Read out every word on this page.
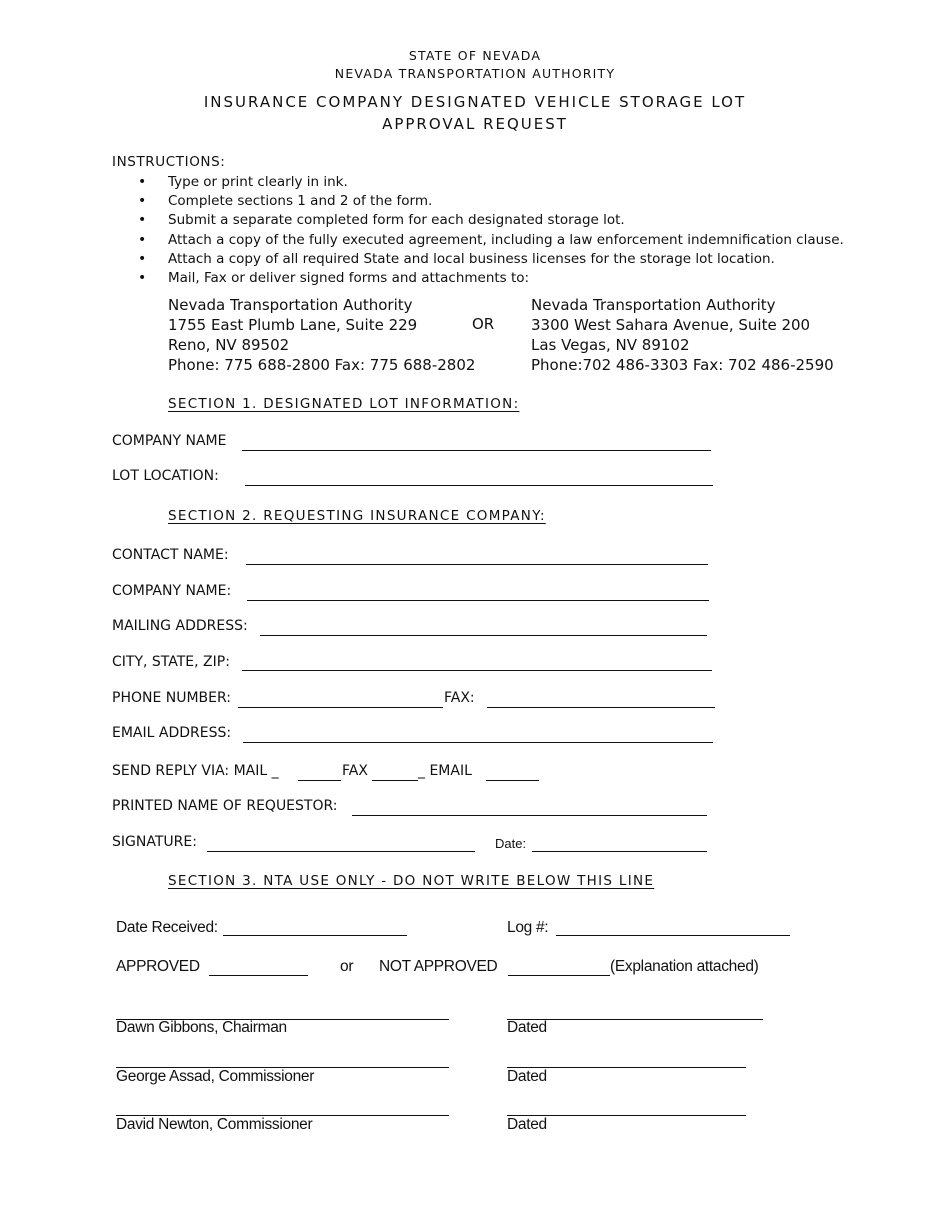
STATE OF NEVADA
NEVADA TRANSPORTATION AUTHORITY
INSURANCE COMPANY DESIGNATED VEHICLE STORAGE LOT
APPROVAL REQUEST
INSTRUCTIONS:
• Type or print clearly in ink.
• Complete sections 1 and 2 of the form.
• Submit a separate completed form for each designated storage lot.
• Attach a copy of the fully executed agreement, including a law enforcement indemnification clause.
• Attach a copy of all required State and local business licenses for the storage lot location.
• Mail, Fax or deliver signed forms and attachments to:
Nevada Transportation Authority
1755 East Plumb Lane, Suite 229
Reno, NV 89502
Phone: 775 688-2800 Fax: 775 688-2802
OR
Nevada Transportation Authority
3300 West Sahara Avenue, Suite 200
Las Vegas, NV 89102
Phone:702 486-3303 Fax: 702 486-2590
SECTION 1. DESIGNATED LOT INFORMATION:
COMPANY NAME
LOT LOCATION:
SECTION 2. REQUESTING INSURANCE COMPANY:
CONTACT NAME:
COMPANY NAME:
MAILING ADDRESS:
CITY, STATE, ZIP:
PHONE NUMBER:	FAX:
EMAIL ADDRESS:
SEND REPLY VIA: MAIL _	FAX	_ EMAIL
PRINTED NAME OF REQUESTOR:
SIGNATURE:	Date:
SECTION 3. NTA USE ONLY - DO NOT WRITE BELOW THIS LINE
Date Received:	Log #:
APPROVED	or NOT APPROVED	(Explanation attached)
Dawn Gibbons, Chairman	Dated
George Assad, Commissioner	Dated
David Newton, Commissioner	Dated
